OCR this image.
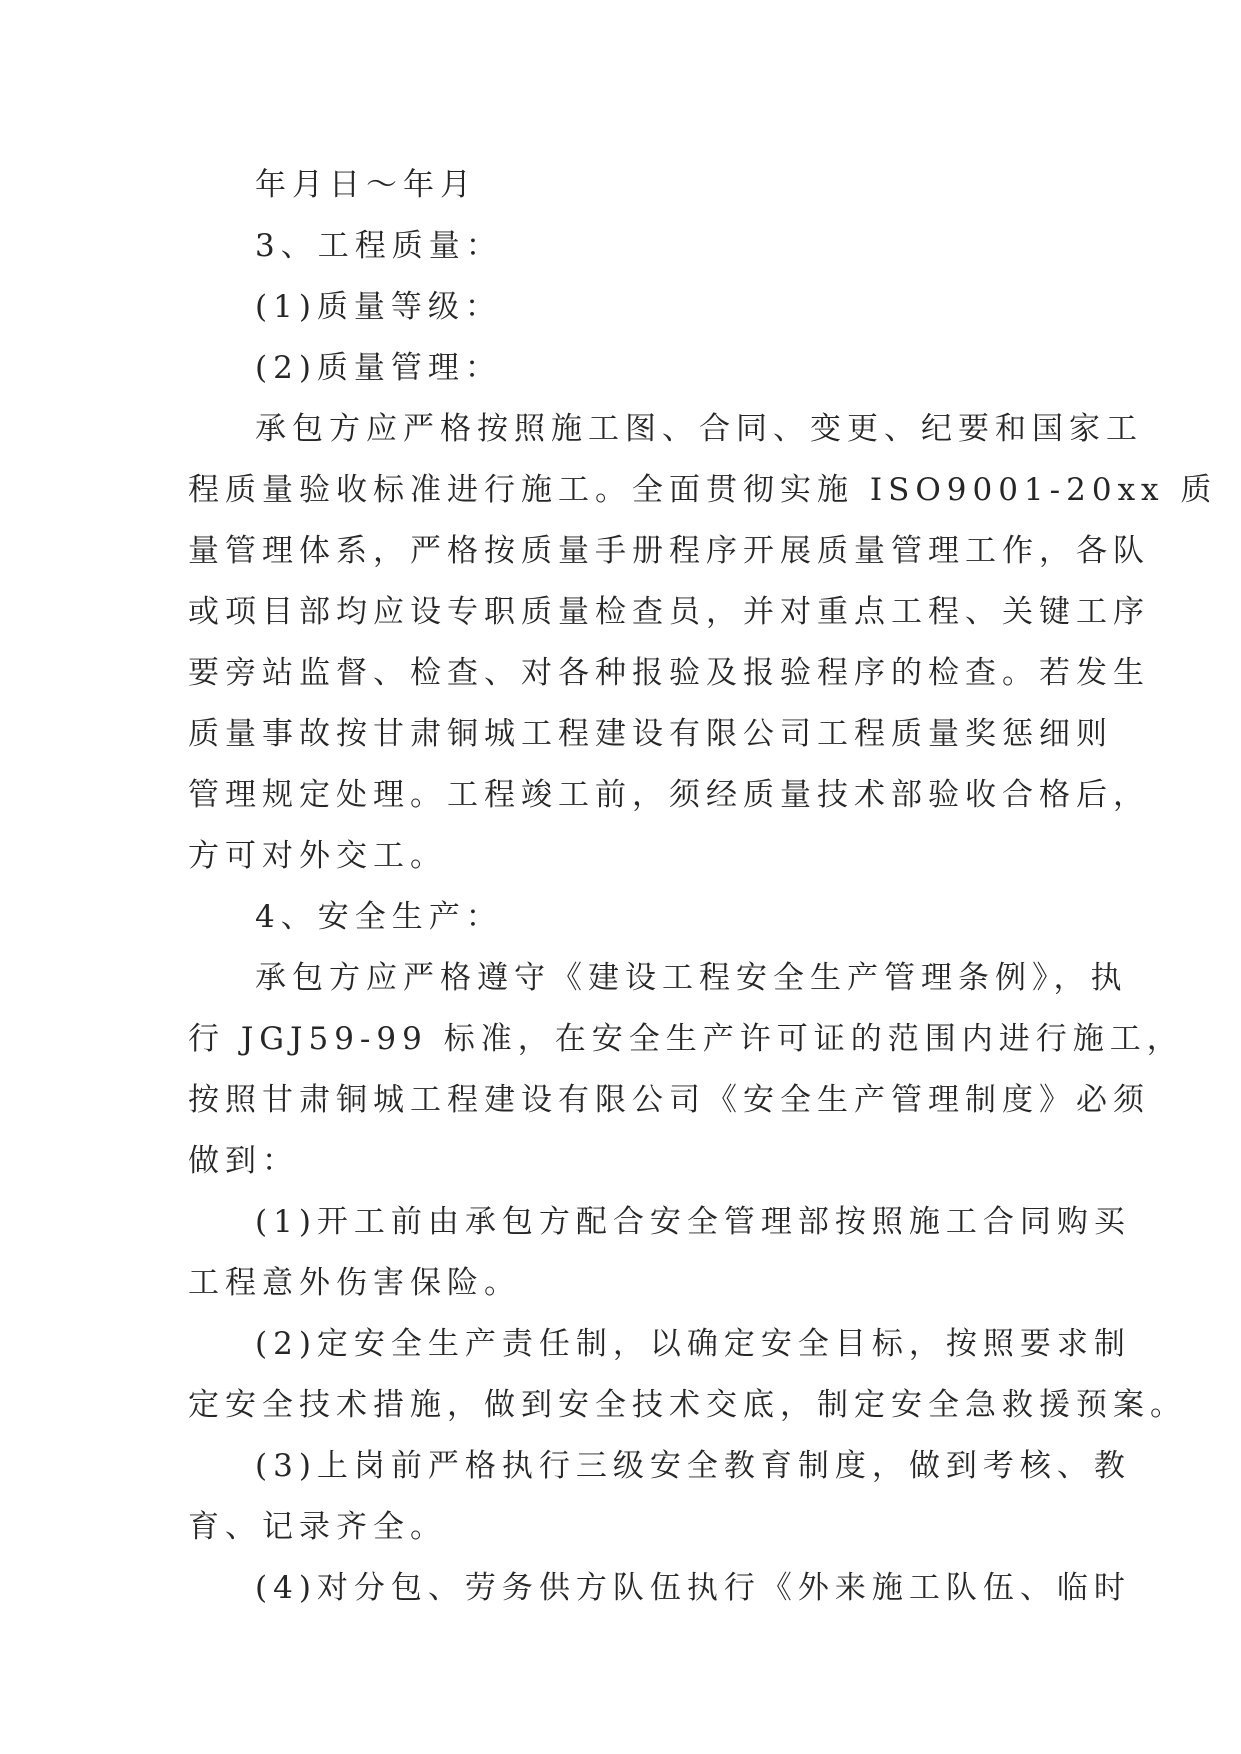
年月日～年月
3、工程质量：
(1)质量等级：
(2)质量管理：
承包方应严格按照施工图、合同、变更、纪要和国家工
程质量验收标准进行施工。全面贯彻实施 ISO9001-20xx 质
量管理体系，严格按质量手册程序开展质量管理工作，各队
或项目部均应设专职质量检查员，并对重点工程、关键工序
要旁站监督、检查、对各种报验及报验程序的检查。若发生
质量事故按甘肃铜城工程建设有限公司工程质量奖惩细则
管理规定处理。工程竣工前，须经质量技术部验收合格后，
方可对外交工。
4、安全生产：
承包方应严格遵守《建设工程安全生产管理条例》，执
行 JGJ59-99 标准，在安全生产许可证的范围内进行施工，
按照甘肃铜城工程建设有限公司《安全生产管理制度》必须
做到：
(1)开工前由承包方配合安全管理部按照施工合同购买
工程意外伤害保险。
(2)定安全生产责任制，以确定安全目标，按照要求制
定安全技术措施，做到安全技术交底，制定安全急救援预案。
(3)上岗前严格执行三级安全教育制度，做到考核、教
育、记录齐全。
(4)对分包、劳务供方队伍执行《外来施工队伍、临时
